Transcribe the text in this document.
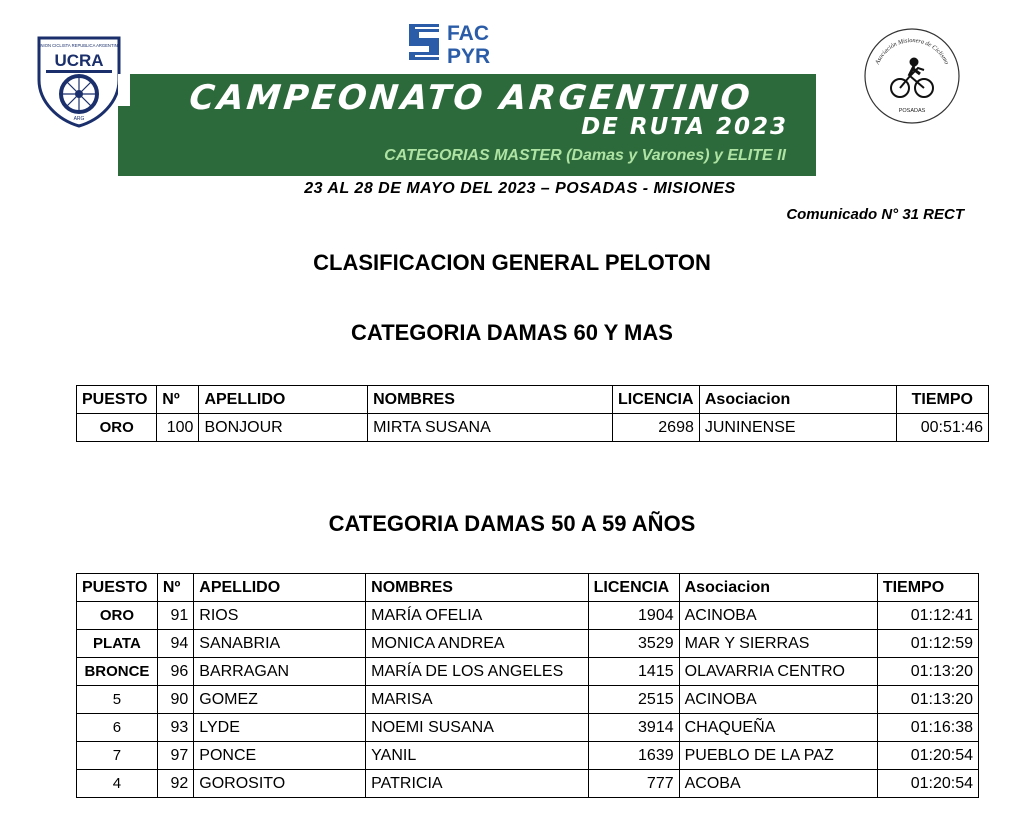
UNION CICLISTA REPUBLICA ARGENTINA
UCRA
ARG
FAC
PYR	Asociación Misionera de Ciclismo
POSADAS
CAMPEONATO ARGENTINO
DE RUTA 2023
CATEGORIAS MASTER (Damas y Varones) y ELITE II
23 AL 28 DE MAYO DEL 2023 – POSADAS - MISIONES
Comunicado N° 31 RECT
CLASIFICACION GENERAL PELOTON
CATEGORIA DAMAS 60 Y MAS
CATEGORIA DAMAS 50 A 59 AÑOS
PUESTO	Nº	APELLIDO	NOMBRES	LICENCIA	Asociacion	TIEMPO
ORO	100	BONJOUR	MIRTA SUSANA	2698	JUNINENSE	00:51:46
PUESTO	Nº	APELLIDO	NOMBRES	LICENCIA	Asociacion	TIEMPO
ORO	91	RIOS	MARÍA OFELIA	1904	ACINOBA	01:12:41
PLATA	94	SANABRIA	MONICA ANDREA	3529	MAR Y SIERRAS	01:12:59
BRONCE	96	BARRAGAN	MARÍA DE LOS ANGELES	1415	OLAVARRIA CENTRO	01:13:20
5	90	GOMEZ	MARISA	2515	ACINOBA	01:13:20
6	93	LYDE	NOEMI SUSANA	3914	CHAQUEÑA	01:16:38
7	97	PONCE	YANIL	1639	PUEBLO DE LA PAZ	01:20:54
4	92	GOROSITO	PATRICIA	777	ACOBA	01:20:54
